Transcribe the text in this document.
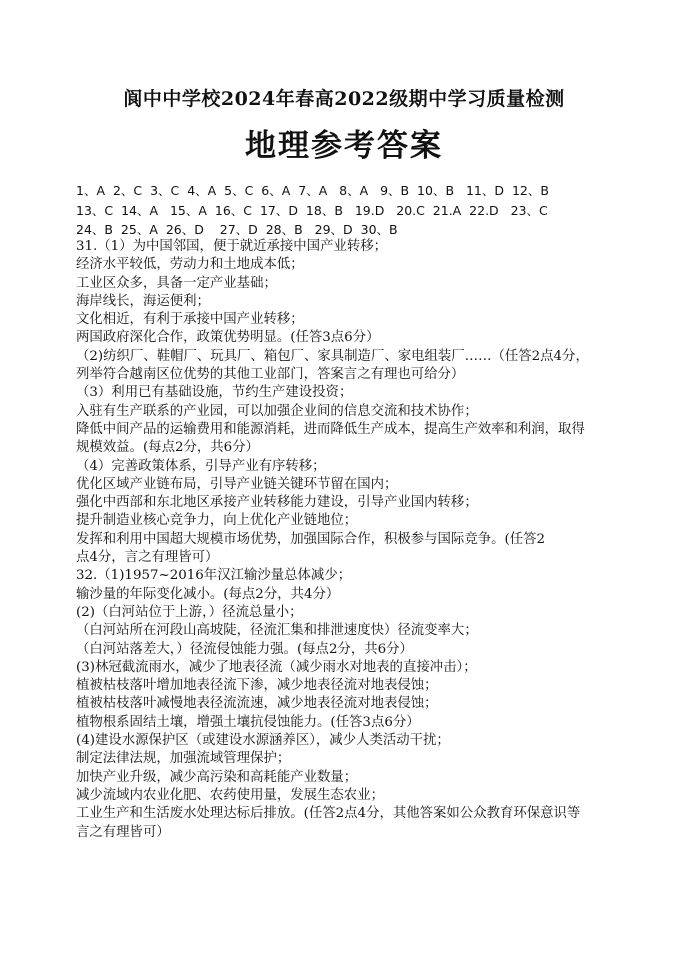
阆中中学校2024年春高2022级期中学习质量检测
地理参考答案
1、A  2、C  3、C  4、A  5、C  6、A  7、A   8、A   9、B  10、B   11、D  12、B
13、C  14、A   15、A  16、C  17、D  18、B   19.D   20.C  21.A  22.D   23、C
24、B  25、A  26、D    27、D  28、B   29、D  30、B
31.（1）为中国邻国，便于就近承接中国产业转移；
经济水平较低，劳动力和土地成本低；
工业区众多，具备一定产业基础；
海岸线长，海运便利；
文化相近，有利于承接中国产业转移；
两国政府深化合作，政策优势明显。(任答3点6分）
（2)纺织厂、鞋帽厂、玩具厂、箱包厂、家具制造厂、家电组装厂……（任答2点4分，
列举符合越南区位优势的其他工业部门，答案言之有理也可给分）
（3）利用已有基础设施，节约生产建设投资；
入驻有生产联系的产业园，可以加强企业间的信息交流和技术协作；
降低中间产品的运输费用和能源消耗，进而降低生产成本，提高生产效率和利润，取得
规模效益。(每点2分，共6分）
（4）完善政策体系，引导产业有序转移；
优化区域产业链布局，引导产业链关键环节留在国内；
强化中西部和东北地区承接产业转移能力建设，引导产业国内转移；
提升制造业核心竞争力，向上优化产业链地位；
发挥和利用中国超大规模市场优势，加强国际合作，积极参与国际竞争。(任答2
点4分，言之有理皆可）
32.（1)1957~2016年汉江输沙量总体减少；
输沙量的年际变化减小。(每点2分，共4分）
(2)（白河站位于上游，）径流总量小；
（白河站所在河段山高坡陡，径流汇集和排泄速度快）径流变率大；
（白河站落差大，）径流侵蚀能力强。(每点2分，共6分）
(3)林冠截流雨水，减少了地表径流（减少雨水对地表的直接冲击）；
植被枯枝落叶增加地表径流下渗，减少地表径流对地表侵蚀；
植被枯枝落叶减慢地表径流流速，减少地表径流对地表侵蚀；
植物根系固结土壤，增强土壤抗侵蚀能力。(任答3点6分）
(4)建设水源保护区（或建设水源涵养区），减少人类活动干扰；
制定法律法规，加强流域管理保护；
加快产业升级，减少高污染和高耗能产业数量；
减少流域内农业化肥、农药使用量，发展生态农业；
工业生产和生活废水处理达标后排放。(任答2点4分，其他答案如公众教育环保意识等
言之有理皆可）
